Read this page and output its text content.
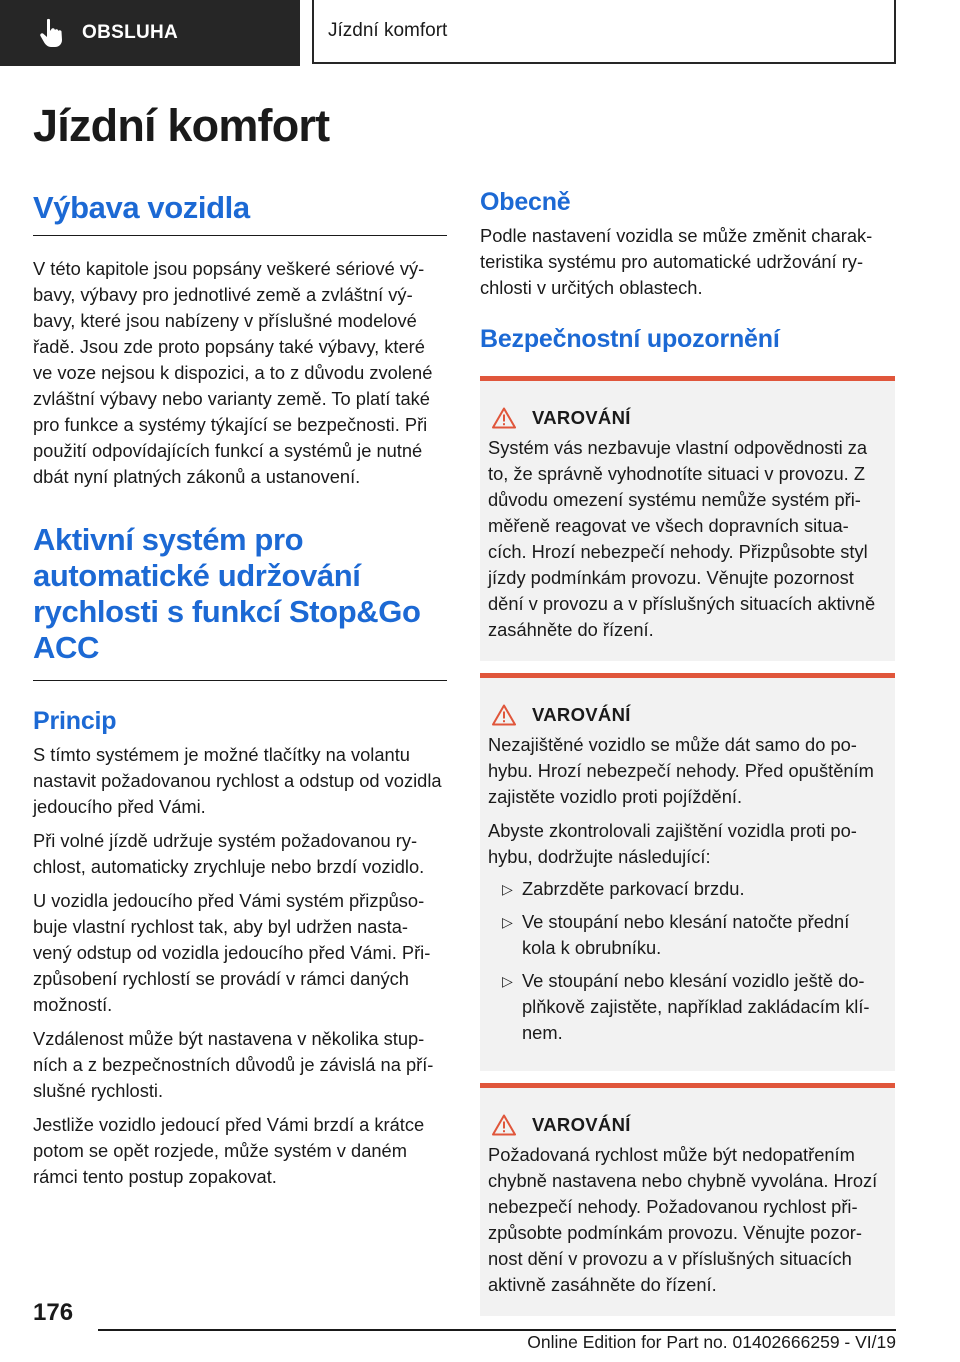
OBSLUHA	Jízdní komfort
Jízdní komfort
Výbava vozidla

V této kapitole jsou popsány veškeré sériové vý- bavy, výbavy pro jednotlivé země a zvláštní vý- bavy, které jsou nabízeny v příslušné modelové řadě. Jsou zde proto popsány také výbavy, které ve voze nejsou k dispozici, a to z důvodu zvolené zvláštní výbavy nebo varianty země. To platí také pro funkce a systémy týkající se bezpečnosti. Při použití odpovídajících funkcí a systémů je nutné dbát nyní platných zákonů a ustanovení.

Aktivní systém pro automatické udržování rychlosti s funkcí Stop&Go ACC
Princip

S tímto systémem je možné tlačítky na volantu nastavit požadovanou rychlost a odstup od vozidla jedoucího před Vámi.

Při volné jízdě udržuje systém požadovanou ry- chlost, automaticky zrychluje nebo brzdí vozidlo.

U vozidla jedoucího před Vámi systém přizpůso- buje vlastní rychlost tak, aby byl udržen nasta- vený odstup od vozidla jedoucího před Vámi. Při- způsobení rychlostí se provádí v rámci daných možností.

Vzdálenost může být nastavena v několika stup- ních a z bezpečnostních důvodů je závislá na pří- slušné rychlosti.

Jestliže vozidlo jedoucí před Vámi brzdí a krátce potom se opět rozjede, může systém v daném rámci tento postup zopakovat.

Obecně

Podle nastavení vozidla se může změnit charak- teristika systému pro automatické udržování ry- chlosti v určitých oblastech.

Bezpečnostní upozornění
VAROVÁNÍ

Systém vás nezbavuje vlastní odpovědnosti za to, že správně vyhodnotíte situaci v provozu. Z důvodu omezení systému nemůže systém při- měřeně reagovat ve všech dopravních situa- cích. Hrozí nebezpečí nehody. Přizpůsobte styl jízdy podmínkám provozu. Věnujte pozornost dění v provozu a v příslušných situacích aktivně zasáhněte do řízení.

VAROVÁNÍ

Nezajištěné vozidlo se může dát samo do po- hybu. Hrozí nebezpečí nehody. Před opuštěním zajistěte vozidlo proti pojíždění.

Abyste zkontrolovali zajištění vozidla proti po- hybu, dodržujte následující:

▷ Zabrzděte parkovací brzdu.
▷ Ve stoupání nebo klesání natočte přední kola k obrubníku.
▷ Ve stoupání nebo klesání vozidlo ještě do- plňkově zajistěte, například zakládacím klí- nem.
VAROVÁNÍ

Požadovaná rychlost může být nedopatřením chybně nastavena nebo chybně vyvolána. Hrozí nebezpečí nehody. Požadovanou rychlost při- způsobte podmínkám provozu. Věnujte pozor- nost dění v provozu a v příslušných situacích aktivně zasáhněte do řízení.

176

Online Edition for Part no. 01402666259 - VI/19
